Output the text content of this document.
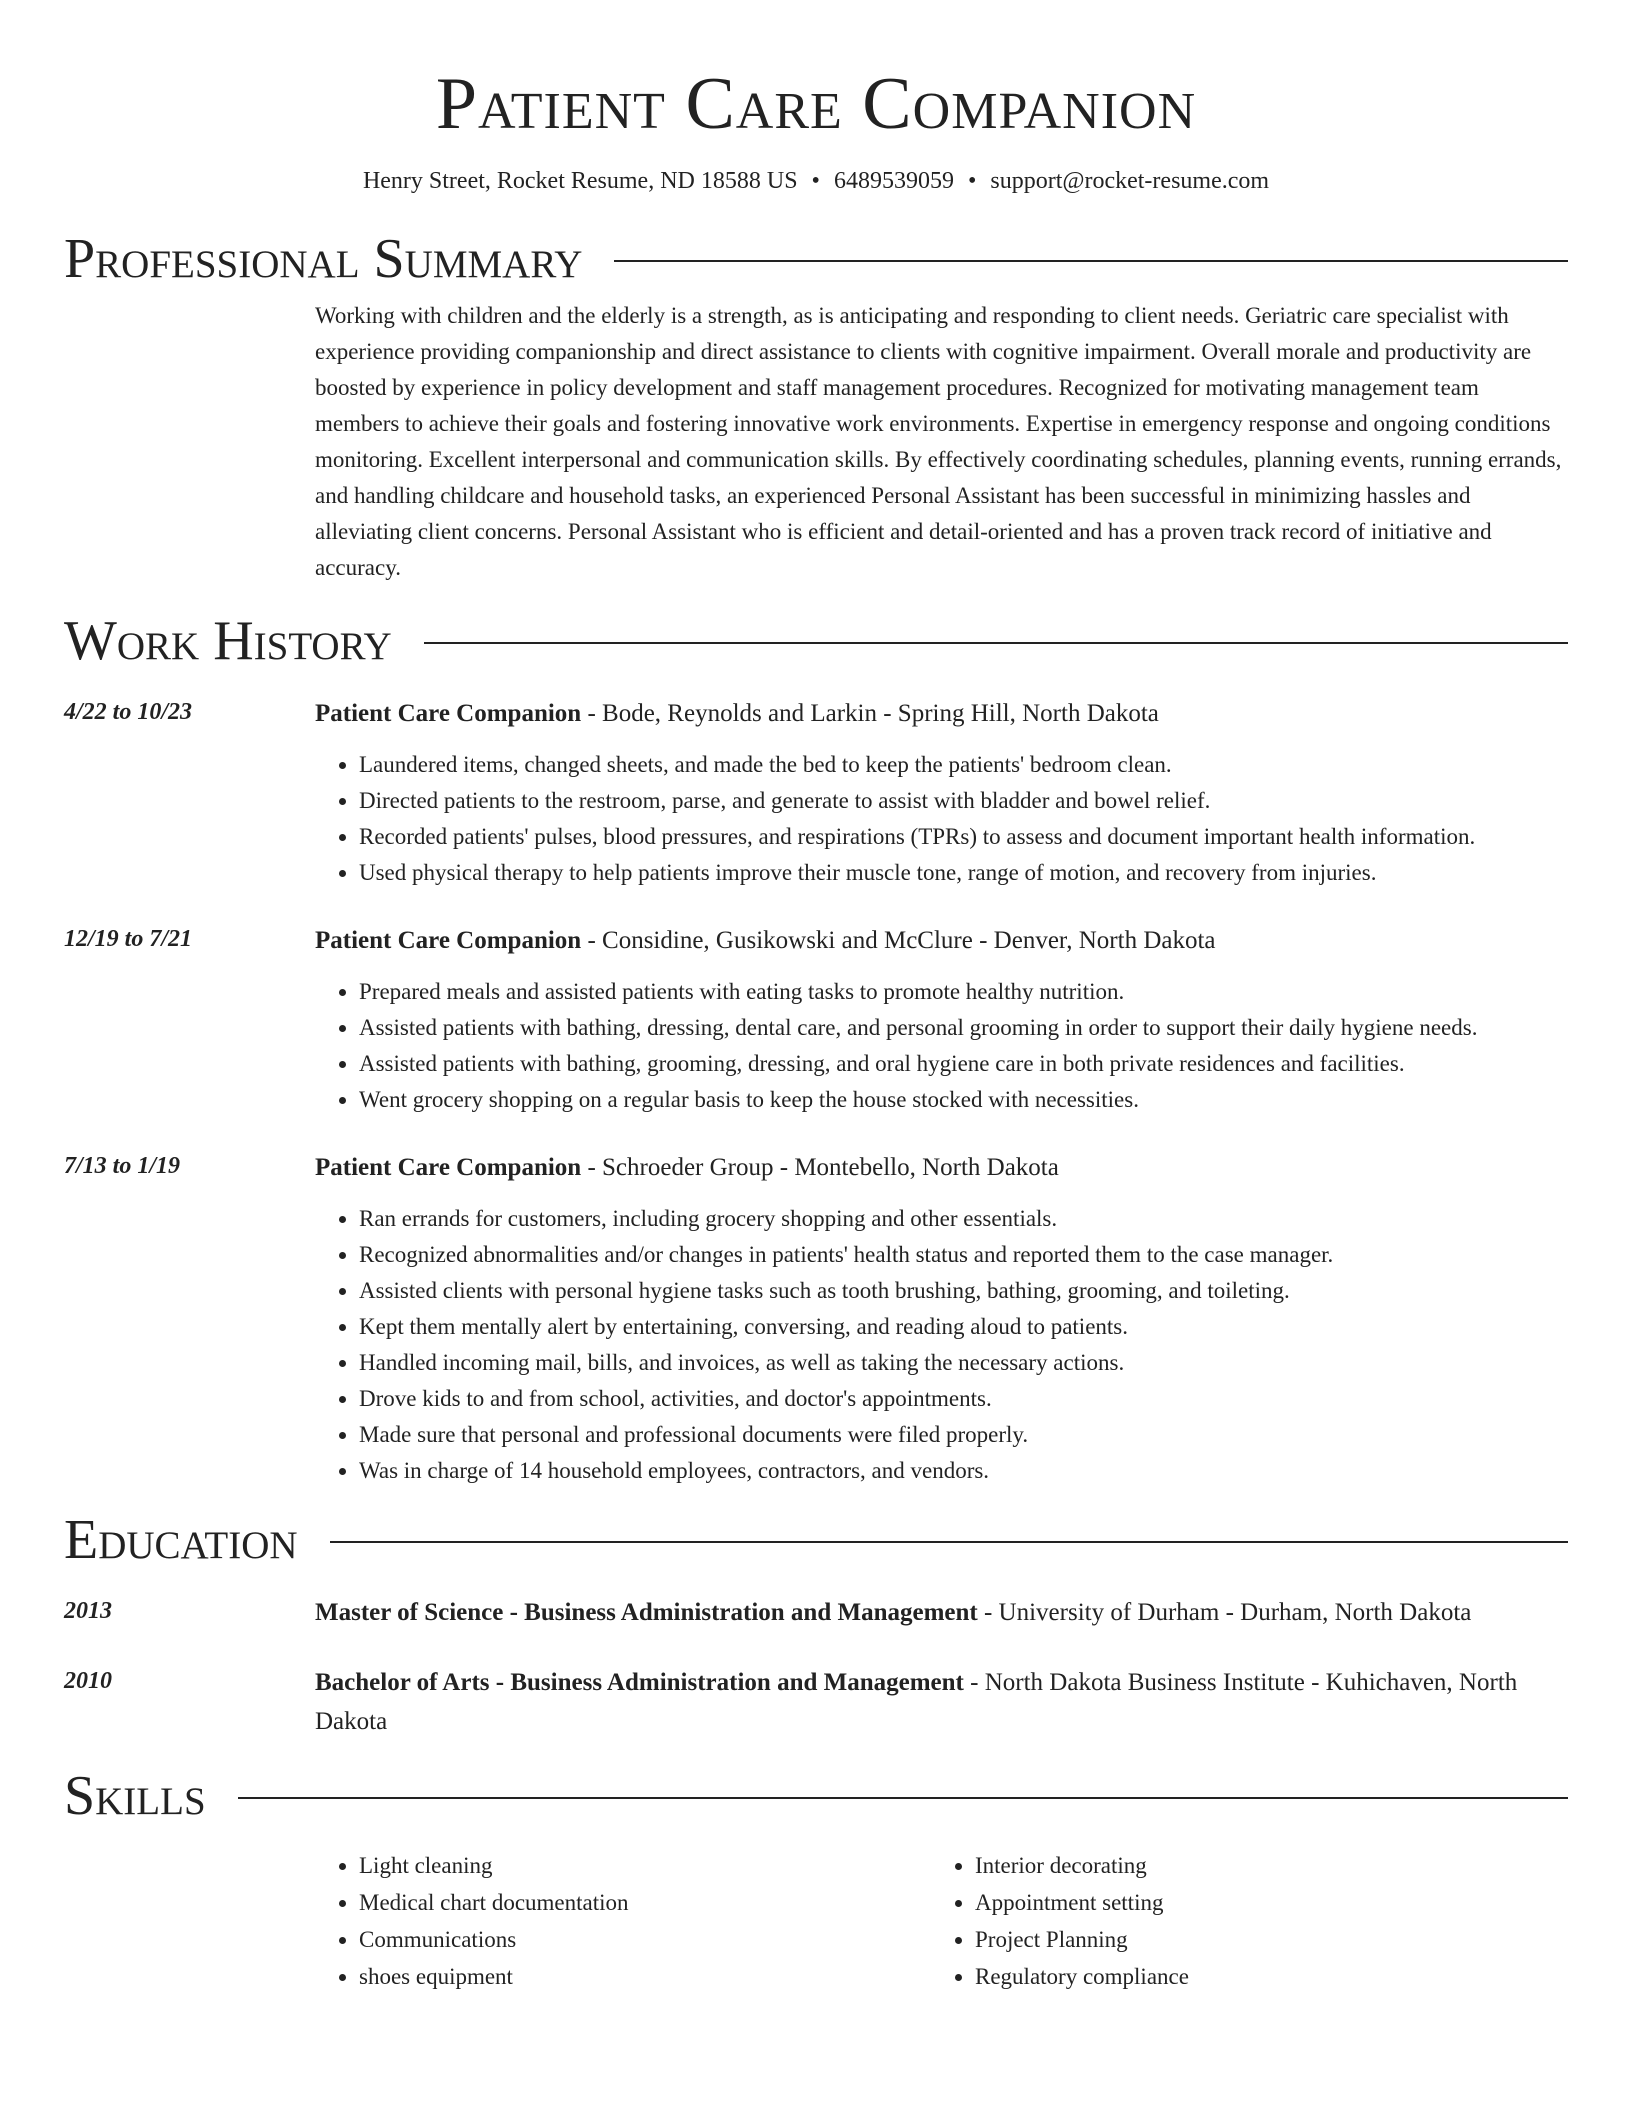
Patient Care Companion
Henry Street, Rocket Resume, ND 18588 US • 6489539059 • support@rocket-resume.com
Professional Summary

Working with children and the elderly is a strength, as is anticipating and responding to client needs. Geriatric care specialist with experience providing companionship and direct assistance to clients with cognitive impairment. Overall morale and productivity are boosted by experience in policy development and staff management procedures. Recognized for motivating management team members to achieve their goals and fostering innovative work environments. Expertise in emergency response and ongoing conditions monitoring. Excellent interpersonal and communication skills. By effectively coordinating schedules, planning events, running errands, and handling childcare and household tasks, an experienced Personal Assistant has been successful in minimizing hassles and alleviating client concerns. Personal Assistant who is efficient and detail-oriented and has a proven track record of initiative and accuracy.

Work History
4/22 to 10/23	Patient Care Companion - Bode, Reynolds and Larkin - Spring Hill, North Dakota
• Laundered items, changed sheets, and made the bed to keep the patients' bedroom clean.
• Directed patients to the restroom, parse, and generate to assist with bladder and bowel relief.
• Recorded patients' pulses, blood pressures, and respirations (TPRs) to assess and document important health information.
• Used physical therapy to help patients improve their muscle tone, range of motion, and recovery from injuries.
12/19 to 7/21	Patient Care Companion - Considine, Gusikowski and McClure - Denver, North Dakota
• Prepared meals and assisted patients with eating tasks to promote healthy nutrition.
• Assisted patients with bathing, dressing, dental care, and personal grooming in order to support their daily hygiene needs.
• Assisted patients with bathing, grooming, dressing, and oral hygiene care in both private residences and facilities.
• Went grocery shopping on a regular basis to keep the house stocked with necessities.
7/13 to 1/19	Patient Care Companion - Schroeder Group - Montebello, North Dakota
• Ran errands for customers, including grocery shopping and other essentials.
• Recognized abnormalities and/or changes in patients' health status and reported them to the case manager.
• Assisted clients with personal hygiene tasks such as tooth brushing, bathing, grooming, and toileting.
• Kept them mentally alert by entertaining, conversing, and reading aloud to patients.
• Handled incoming mail, bills, and invoices, as well as taking the necessary actions.
• Drove kids to and from school, activities, and doctor's appointments.
• Made sure that personal and professional documents were filed properly.
• Was in charge of 14 household employees, contractors, and vendors.
Education
2013	Master of Science - Business Administration and Management - University of Durham - Durham, North Dakota
2010	Bachelor of Arts - Business Administration and Management - North Dakota Business Institute - Kuhichaven, North Dakota
Skills
• Light cleaning
• Medical chart documentation
• Communications
• shoes equipment
• Interior decorating
• Appointment setting
• Project Planning
• Regulatory compliance
